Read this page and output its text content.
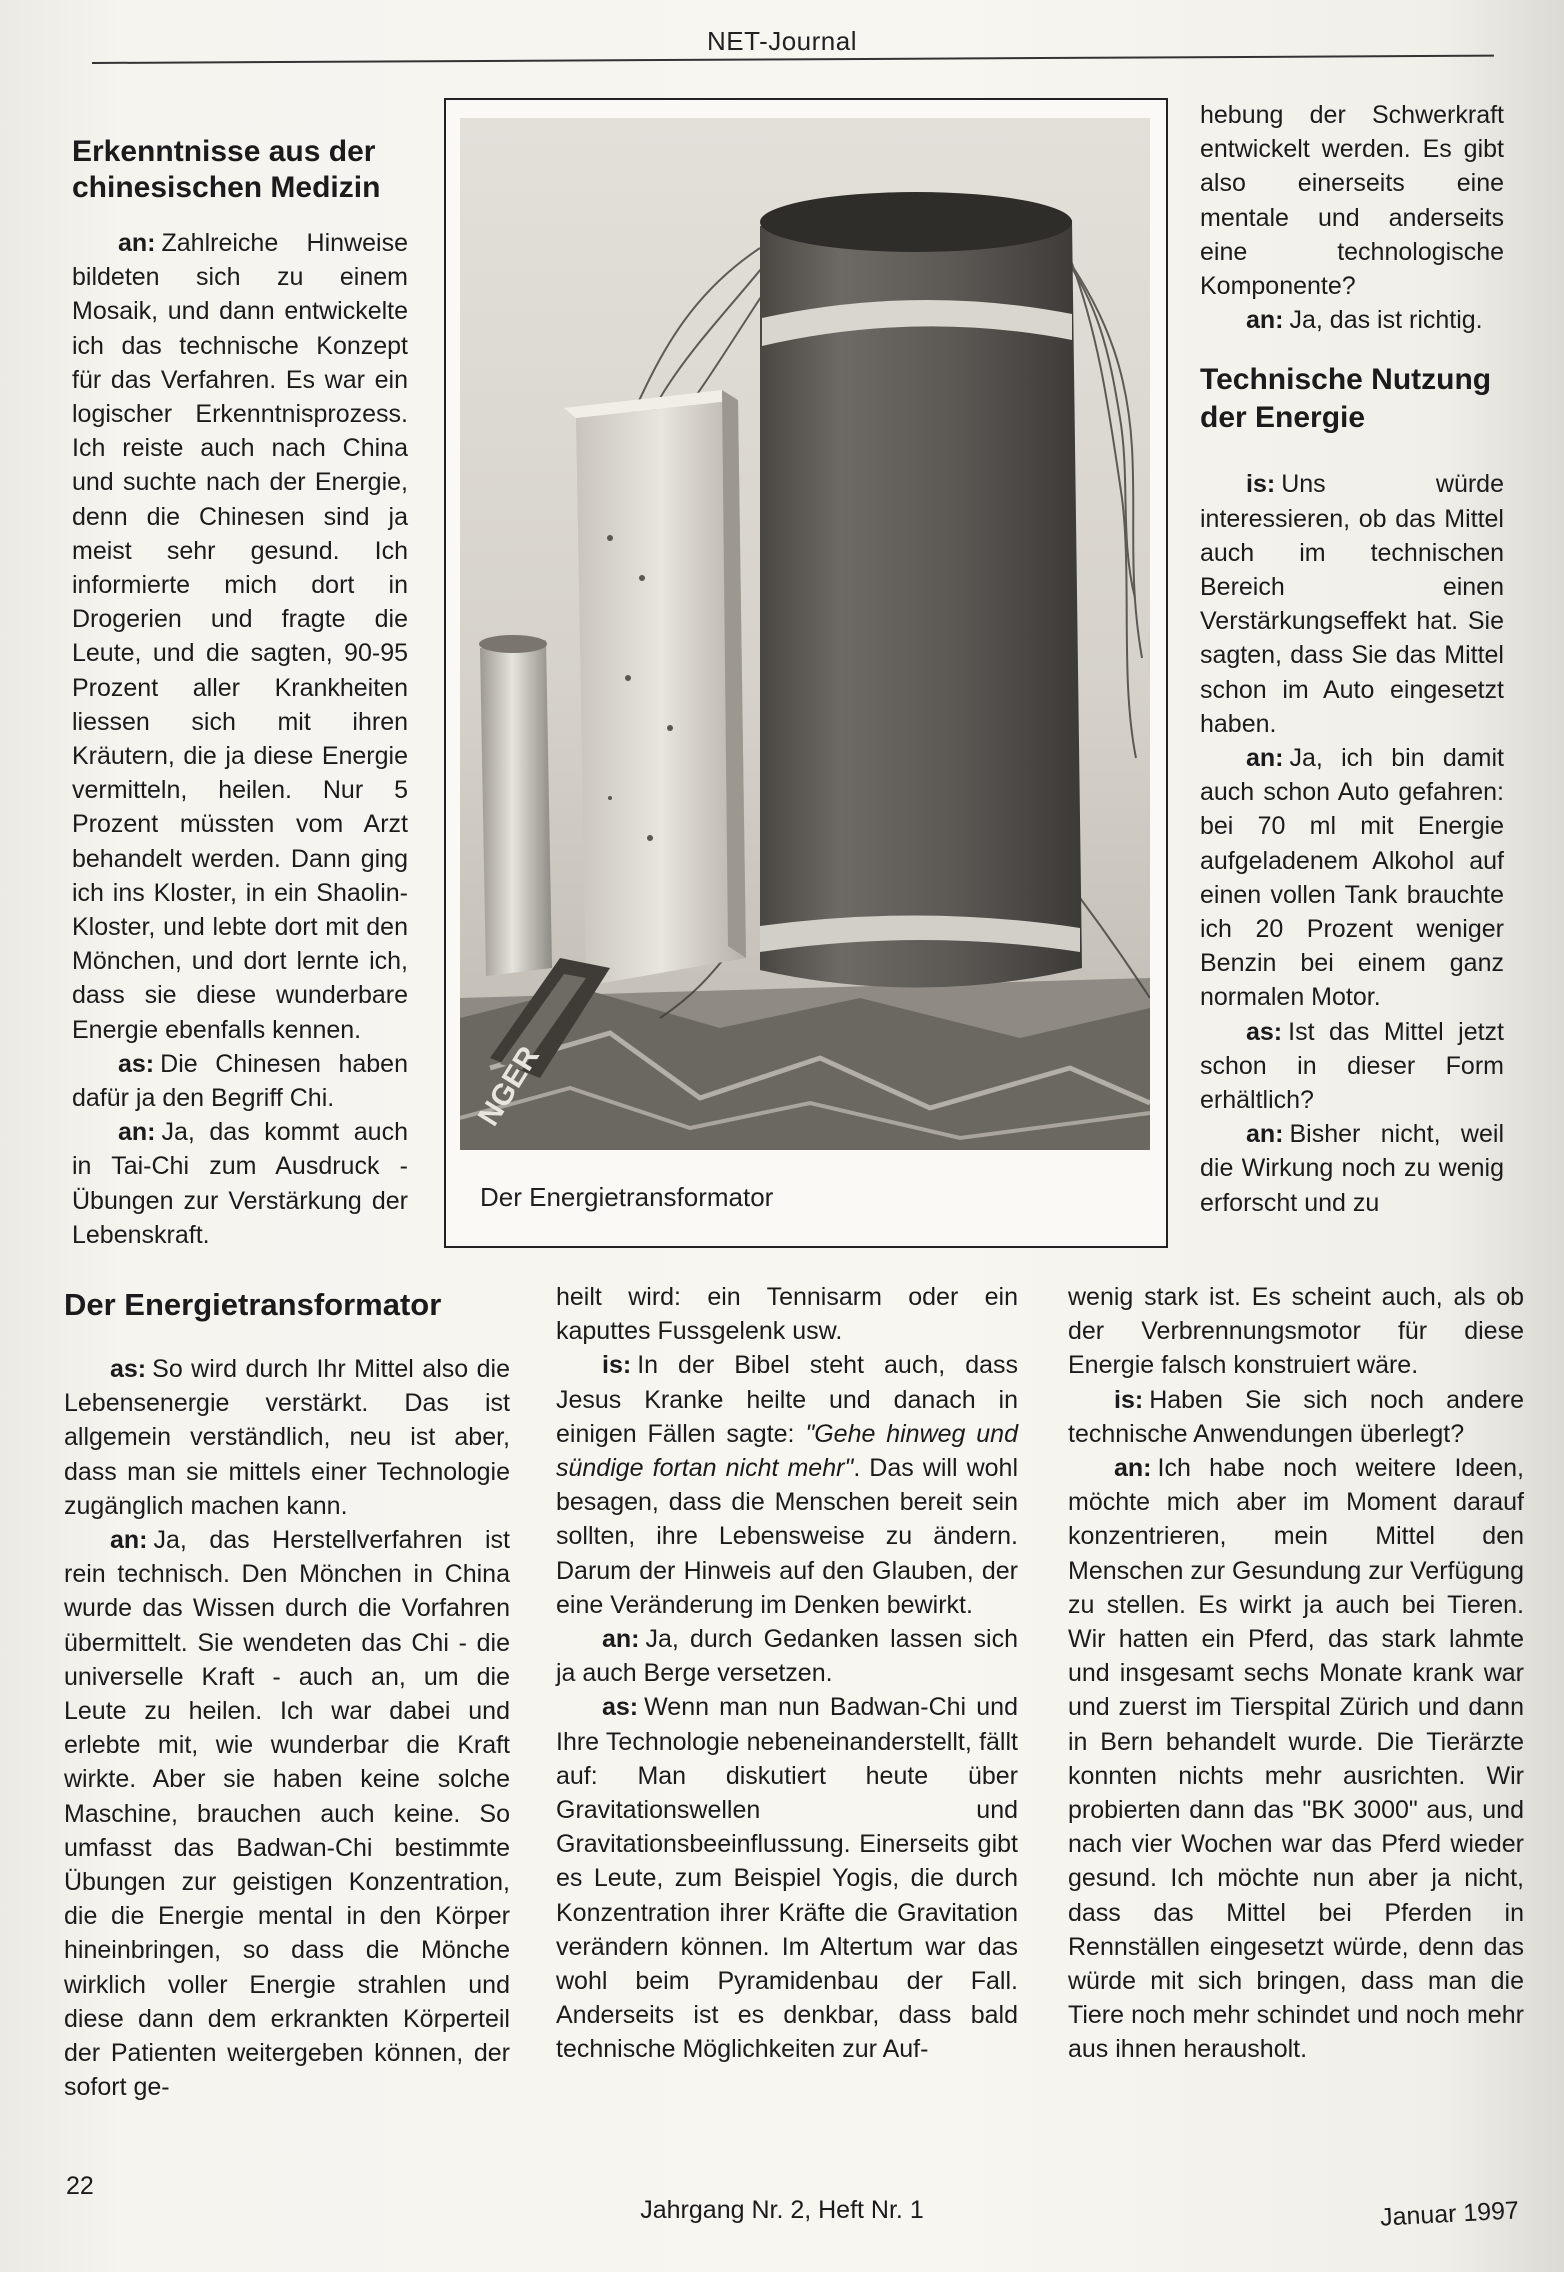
NET-Journal
Erkenntnisse aus der chinesischen Medizin

an: Zahlreiche Hinweise bildeten sich zu einem Mosaik, und dann entwickelte ich das technische Konzept für das Verfahren. Es war ein logischer Erkenntnisprozess. Ich reiste auch nach China und suchte nach der Energie, denn die Chinesen sind ja meist sehr gesund. Ich informierte mich dort in Drogerien und fragte die Leute, und die sagten, 90-95 Prozent aller Krankheiten liessen sich mit ihren Kräutern, die ja diese Energie vermitteln, heilen. Nur 5 Prozent müssten vom Arzt behandelt werden. Dann ging ich ins Kloster, in ein Shaolin-Kloster, und lebte dort mit den Mönchen, und dort lernte ich, dass sie diese wunderbare Energie ebenfalls kennen.

as: Die Chinesen haben dafür ja den Begriff Chi.

an: Ja, das kommt auch in Tai-Chi zum Ausdruck - Übungen zur Verstärkung der Lebenskraft.

NGER
Der Energietransformator

hebung der Schwerkraft entwickelt werden. Es gibt also einerseits eine mentale und anderseits eine technologische Komponente?

an: Ja, das ist richtig.

Technische Nutzung der Energie

is: Uns würde interessieren, ob das Mittel auch im technischen Bereich einen Verstärkungseffekt hat. Sie sagten, dass Sie das Mittel schon im Auto eingesetzt haben.

an: Ja, ich bin damit auch schon Auto gefahren: bei 70 ml mit Energie aufgeladenem Alkohol auf einen vollen Tank brauchte ich 20 Prozent weniger Benzin bei einem ganz normalen Motor.

as: Ist das Mittel jetzt schon in dieser Form erhältlich?

an: Bisher nicht, weil die Wirkung noch zu wenig erforscht und zu

Der Energietransformator

as: So wird durch Ihr Mittel also die Lebensenergie verstärkt. Das ist allgemein verständlich, neu ist aber, dass man sie mittels einer Technologie zugänglich machen kann.

an: Ja, das Herstellverfahren ist rein technisch. Den Mönchen in China wurde das Wissen durch die Vorfahren übermittelt. Sie wendeten das Chi - die universelle Kraft - auch an, um die Leute zu heilen. Ich war dabei und erlebte mit, wie wunderbar die Kraft wirkte. Aber sie haben keine solche Maschine, brauchen auch keine. So umfasst das Badwan-Chi bestimmte Übungen zur geistigen Konzentration, die die Energie mental in den Körper hineinbringen, so dass die Mönche wirklich voller Energie strahlen und diese dann dem erkrankten Körperteil der Patienten weitergeben können, der sofort ge-

heilt wird: ein Tennisarm oder ein kaputtes Fussgelenk usw.

is: In der Bibel steht auch, dass Jesus Kranke heilte und danach in einigen Fällen sagte: "Gehe hinweg und sündige fortan nicht mehr". Das will wohl besagen, dass die Menschen bereit sein sollten, ihre Lebensweise zu ändern. Darum der Hinweis auf den Glauben, der eine Veränderung im Denken bewirkt.

an: Ja, durch Gedanken lassen sich ja auch Berge versetzen.

as: Wenn man nun Badwan-Chi und Ihre Technologie nebeneinanderstellt, fällt auf: Man diskutiert heute über Gravitationswellen und Gravitationsbeeinflussung. Einerseits gibt es Leute, zum Beispiel Yogis, die durch Konzentration ihrer Kräfte die Gravitation verändern können. Im Altertum war das wohl beim Pyramidenbau der Fall. Anderseits ist es denkbar, dass bald technische Möglichkeiten zur Auf-

wenig stark ist. Es scheint auch, als ob der Verbrennungsmotor für diese Energie falsch konstruiert wäre.

is: Haben Sie sich noch andere technische Anwendungen überlegt?

an: Ich habe noch weitere Ideen, möchte mich aber im Moment darauf konzentrieren, mein Mittel den Menschen zur Gesundung zur Verfügung zu stellen. Es wirkt ja auch bei Tieren. Wir hatten ein Pferd, das stark lahmte und insgesamt sechs Monate krank war und zuerst im Tierspital Zürich und dann in Bern behandelt wurde. Die Tierärzte konnten nichts mehr ausrichten. Wir probierten dann das "BK 3000" aus, und nach vier Wochen war das Pferd wieder gesund. Ich möchte nun aber ja nicht, dass das Mittel bei Pferden in Rennställen eingesetzt würde, denn das würde mit sich bringen, dass man die Tiere noch mehr schindet und noch mehr aus ihnen herausholt.

22
Jahrgang Nr. 2, Heft Nr. 1	Januar 1997
